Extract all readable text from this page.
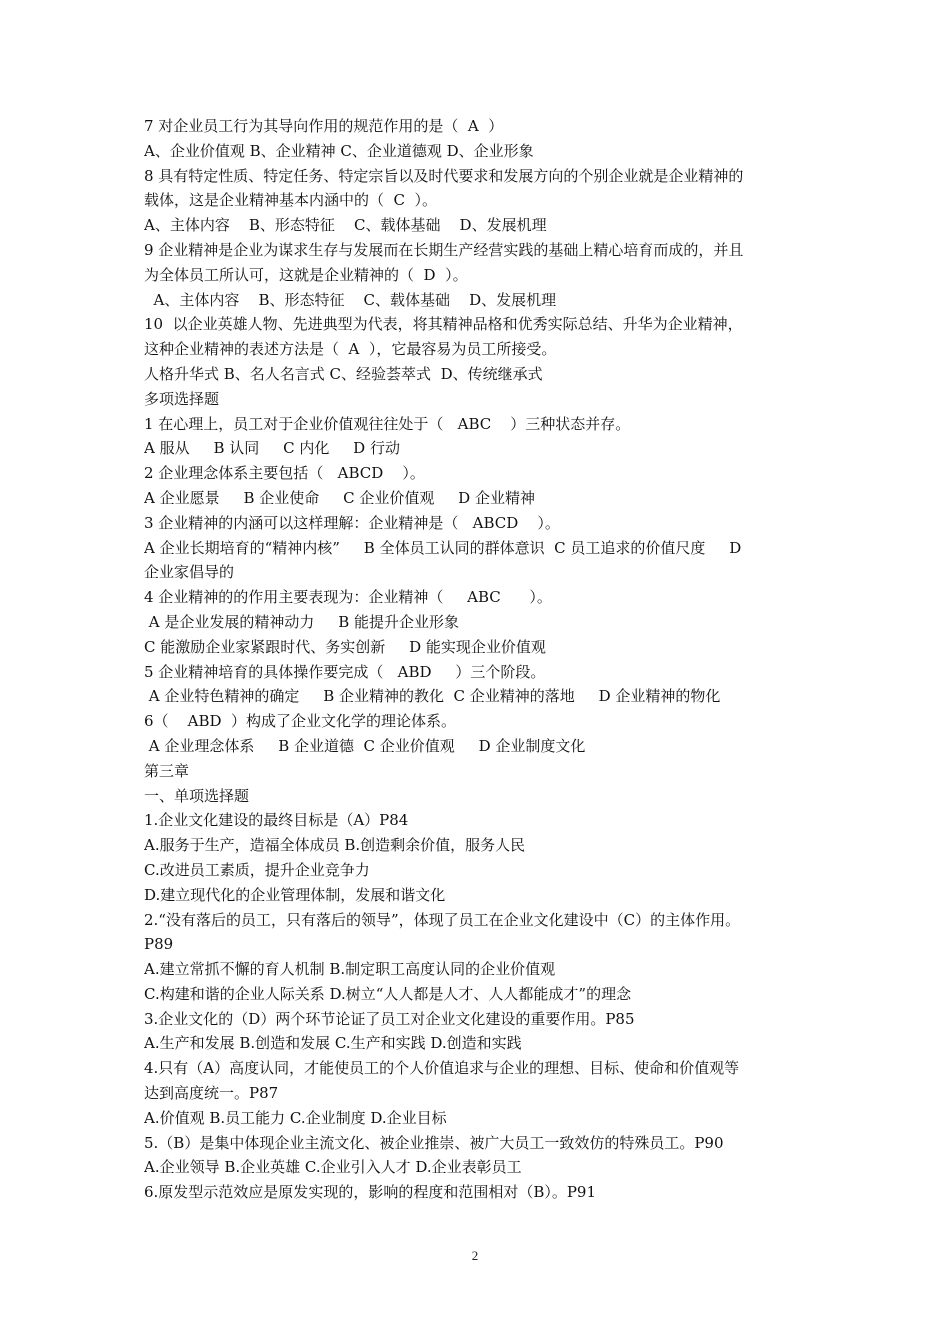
7 对企业员工行为其导向作用的规范作用的是（  A  ）
A、企业价值观 B、企业精神 C、企业道德观 D、企业形象
8 具有特定性质、特定任务、特定宗旨以及时代要求和发展方向的个别企业就是企业精神的
载体，这是企业精神基本内涵中的（  C  ）。
A、主体内容    B、形态特征    C、载体基础    D、发展机理
9 企业精神是企业为谋求生存与发展而在长期生产经营实践的基础上精心培育而成的，并且
为全体员工所认可，这就是企业精神的（  D  ）。
A、主体内容    B、形态特征    C、载体基础    D、发展机理
10  以企业英雄人物、先进典型为代表，将其精神品格和优秀实际总结、升华为企业精神，
这种企业精神的表述方法是（  A  ），它最容易为员工所接受。
人格升华式 B、名人名言式 C、经验荟萃式  D、传统继承式
多项选择题
1 在心理上，员工对于企业价值观往往处于（   ABC    ）三种状态并存。
A 服从     B 认同     C 内化     D 行动
2 企业理念体系主要包括（   ABCD    ）。
A 企业愿景     B 企业使命     C 企业价值观     D 企业精神
3 企业精神的内涵可以这样理解：企业精神是（   ABCD    ）。
A 企业长期培育的“精神内核”     B 全体员工认同的群体意识  C 员工追求的价值尺度     D
企业家倡导的
4 企业精神的的作用主要表现为：企业精神（     ABC      ）。
A 是企业发展的精神动力     B 能提升企业形象
C 能激励企业家紧跟时代、务实创新     D 能实现企业价值观
5 企业精神培育的具体操作要完成（   ABD     ）三个阶段。
A 企业特色精神的确定     B 企业精神的教化  C 企业精神的落地     D 企业精神的物化
6（    ABD  ）构成了企业文化学的理论体系。
A 企业理念体系     B 企业道德  C 企业价值观     D 企业制度文化
第三章
一、单项选择题
1.企业文化建设的最终目标是（A）P84
A.服务于生产，造福全体成员 B.创造剩余价值，服务人民
C.改进员工素质，提升企业竞争力
D.建立现代化的企业管理体制，发展和谐文化
2.“没有落后的员工，只有落后的领导”，体现了员工在企业文化建设中（C）的主体作用。
P89
A.建立常抓不懈的育人机制 B.制定职工高度认同的企业价值观
C.构建和谐的企业人际关系 D.树立“人人都是人才、人人都能成才”的理念
3.企业文化的（D）两个环节论证了员工对企业文化建设的重要作用。P85
A.生产和发展 B.创造和发展 C.生产和实践 D.创造和实践
4.只有（A）高度认同，才能使员工的个人价值追求与企业的理想、目标、使命和价值观等
达到高度统一。P87
A.价值观 B.员工能力 C.企业制度 D.企业目标
5.（B）是集中体现企业主流文化、被企业推崇、被广大员工一致效仿的特殊员工。P90
A.企业领导 B.企业英雄 C.企业引入人才 D.企业表彰员工
6.原发型示范效应是原发实现的，影响的程度和范围相对（B）。P91
2
